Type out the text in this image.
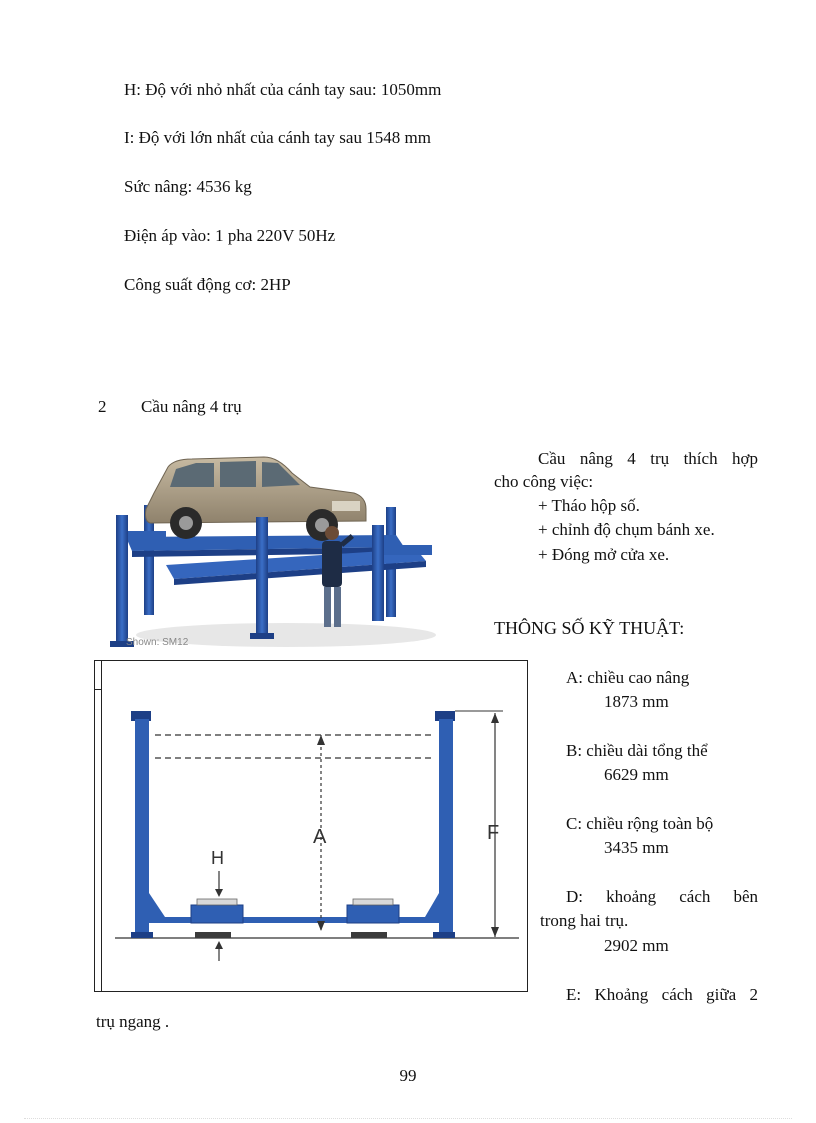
H: Độ với nhỏ nhất của cánh tay sau: 1050mm
I: Độ với lớn nhất của cánh tay sau 1548 mm
Sức nâng: 4536 kg
Điện áp vào: 1 pha 220V 50Hz
Công suất động cơ: 2HP
2 Cầu nâng 4 trụ
Shown: SM12
Cầu nâng 4 trụ thích hợp
cho công việc:
+ Tháo hộp số.
+ chỉnh độ chụm bánh xe.
+ Đóng mở cửa xe.
THÔNG SỐ KỸ THUẬT:
A	F
H
A: chiều cao nâng
1873 mm
B: chiều dài tổng thể
6629 mm
C: chiều rộng toàn bộ
3435 mm
D: khoảng cách bên
trong hai trụ.
2902 mm
E: Khoảng cách giữa 2
trụ ngang .
99
